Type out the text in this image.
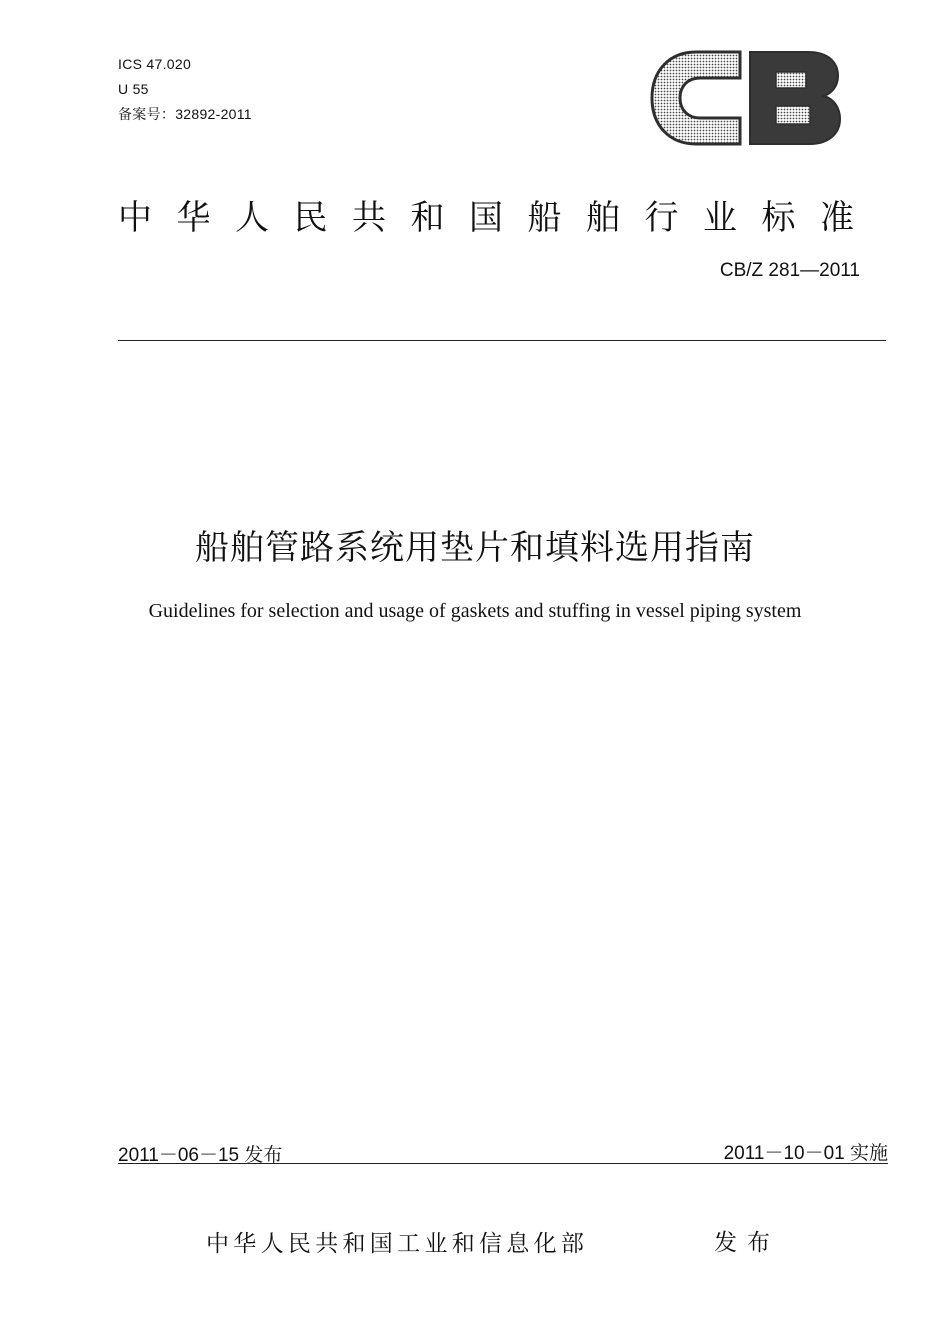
ICS 47.020
U 55
备案号：32892-2011
中华人民共和国船舶行业标准
CB/Z 281—2011
船舶管路系统用垫片和填料选用指南
Guidelines for selection and usage of gaskets and stuffing in vessel piping system
2011－06－15 发布	2011－10－01 实施
中华人民共和国工业和信息化部	发布
